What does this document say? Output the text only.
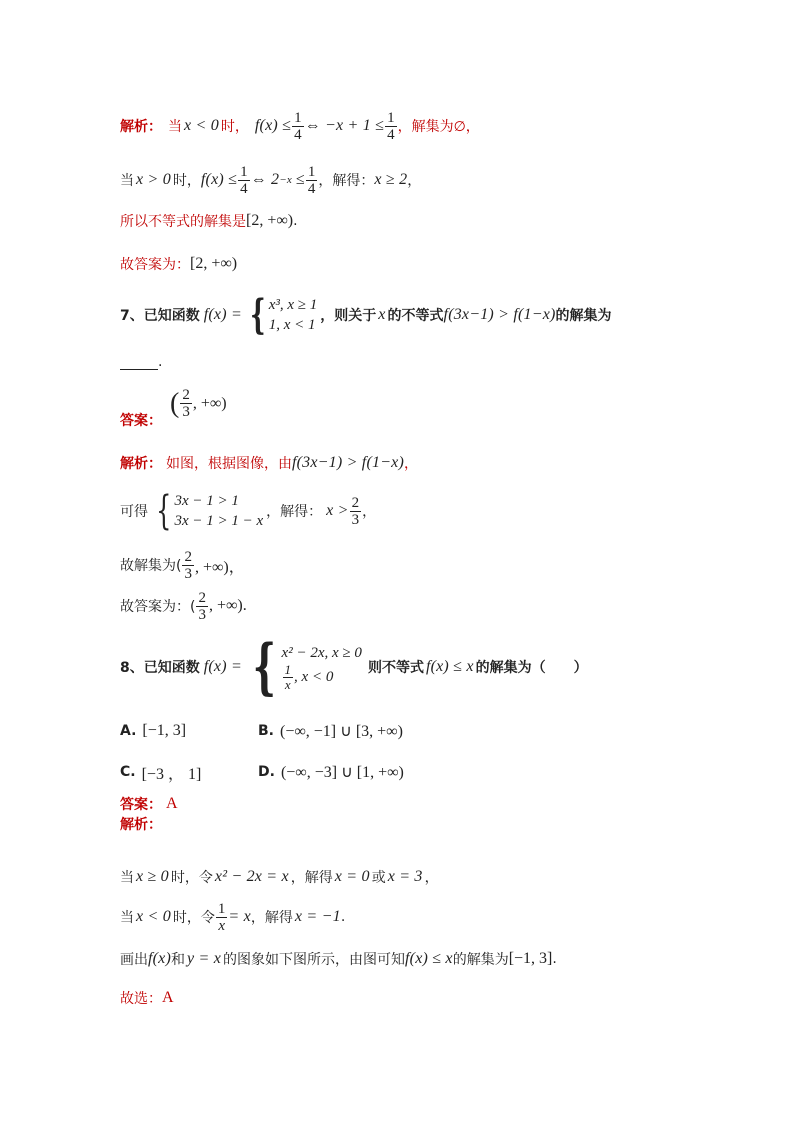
解析： 当 x < 0 时， $f(x) \le \frac{1}{4}$ ⇔ $-x + 1 \le \frac{1}{4}$ ，解集为∅，
当 x > 0 时， $f(x) \le \frac{1}{4}$ ⇔ $2 -x \le \frac{1}{4}$ ，解得： x ≥ 2 ，
所以不等式的解集是 [2, +∞) .
故答案为： [2, +∞)
7、已知函数 f(x) = { x³, x ≥ 1
1, x < 1
，则关于 x 的不等式 f(3x−1) > f(1−x) 的解集为
.
答案：
( $\frac{2}{3}$ , +∞)
解析： 如图，根据图像，由 f(3x−1) > f(1−x) ，
可得 { 3x − 1 > 1
3x − 1 > 1 − x
，解得： $x > \frac{2}{3}$ ，
故解集为( $\frac{2}{3}$ , +∞)，
故答案为：( $\frac{2}{3}$ , +∞).
8、已知函数 f(x) = { x² − 2x, x ≥ 0
$\frac{1}{x}$ , x < 0
则不等式 f(x) ≤ x 的解集为（　　）
A. [−1, 3]	B. (−∞, −1] ∪ [3, +∞)
C. [−3 ， 1]	D. (−∞, −3] ∪ [1, +∞)
答案： A
解析：
当 x ≥ 0 时，令 x² − 2x = x ，解得 x = 0 或 x = 3 ，
当 x < 0 时，令 $\frac{1}{x} = x$ ，解得 x = −1 .
画出 f(x) 和 y = x 的图象如下图所示，由图可知 f(x) ≤ x 的解集为 [−1, 3] .
故选： A
